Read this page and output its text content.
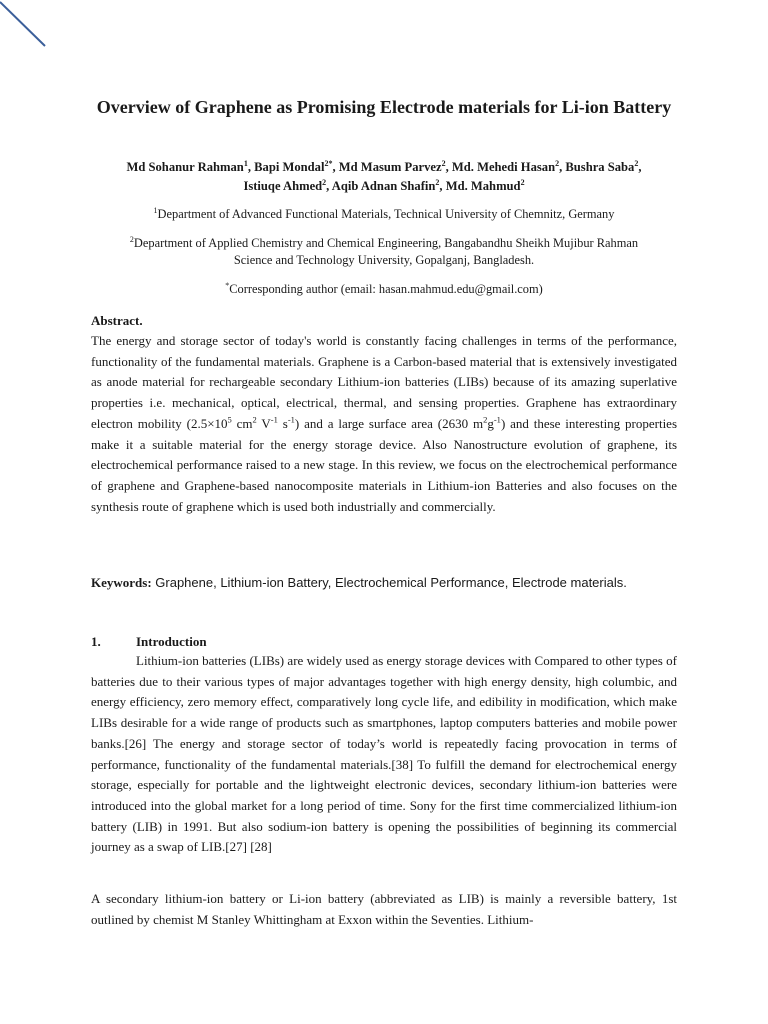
Overview of Graphene as Promising Electrode materials for Li-ion Battery
Md Sohanur Rahman$^1$, Bapi Mondal$^{2*}$, Md Masum Parvez$^2$, Md. Mehedi Hasan$^2$, Bushra Saba$^2$,
Istiuqe Ahmed$^2$, Aqib Adnan Shafin$^2$, Md. Mahmud$^2$
$^1$Department of Advanced Functional Materials, Technical University of Chemnitz, Germany
$^2$Department of Applied Chemistry and Chemical Engineering, Bangabandhu Sheikh Mujibur Rahman
Science and Technology University, Gopalganj, Bangladesh.
*Corresponding author (email: hasan.mahmud.edu@gmail.com)
Abstract.
The energy and storage sector of today's world is constantly facing challenges in terms of the performance, functionality of the fundamental materials. Graphene is a Carbon-based material that is extensively investigated as anode material for rechargeable secondary Lithium-ion batteries (LIBs) because of its amazing superlative properties i.e. mechanical, optical, electrical, thermal, and sensing properties. Graphene has extraordinary electron mobility ($2.5\times 10^5$ $cm^2$ $V^{-1}$ $s^{-1}$) and a large surface area (2630 $m^2g^{-1}$) and these interesting properties make it a suitable material for the energy storage device. Also Nanostructure evolution of graphene, its electrochemical performance raised to a new stage. In this review, we focus on the electrochemical performance of graphene and Graphene-based nanocomposite materials in Lithium-ion Batteries and also focuses on the synthesis route of graphene which is used both industrially and commercially.
Keywords: Graphene, Lithium-ion Battery, Electrochemical Performance, Electrode materials.
1.	Introduction
Lithium-ion batteries (LIBs) are widely used as energy storage devices with Compared to other types of batteries due to their various types of major advantages together with high energy density, high columbic, and energy efficiency, zero memory effect, comparatively long cycle life, and edibility in modification, which make LIBs desirable for a wide range of products such as smartphones, laptop computers batteries and mobile power banks.[26] The energy and storage sector of today’s world is repeatedly facing provocation in terms of performance, functionality of the fundamental materials.[38] To fulfill the demand for electrochemical energy storage, especially for portable and the lightweight electronic devices, secondary lithium-ion batteries were introduced into the global market for a long period of time. Sony for the first time commercialized lithium-ion battery (LIB) in 1991. But also sodium-ion battery is opening the possibilities of beginning its commercial journey as a swap of LIB.[27] [28]
A secondary lithium-ion battery or Li-ion battery (abbreviated as LIB) is mainly a reversible battery, 1st outlined by chemist M Stanley Whittingham at Exxon within the Seventies. Lithium-
